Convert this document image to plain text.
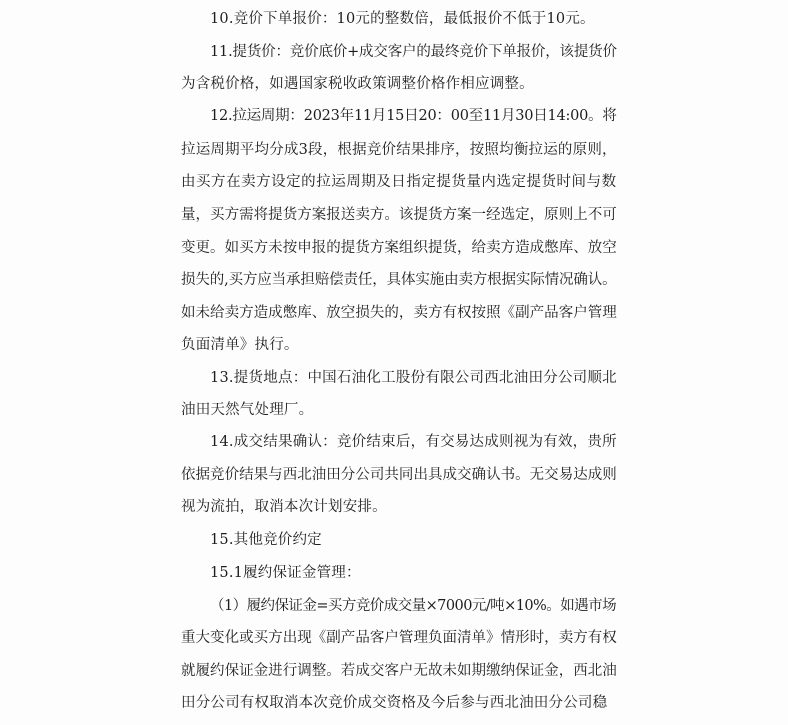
10.竞价下单报价：10元的整数倍，最低报价不低于10元。
11.提货价：竞价底价+成交客户的最终竞价下单报价，该提货价
为含税价格，如遇国家税收政策调整价格作相应调整。
12.拉运周期：2023年11月15日20：00至11月30日14:00。将
拉运周期平均分成3段，根据竞价结果排序，按照均衡拉运的原则，
由买方在卖方设定的拉运周期及日指定提货量内选定提货时间与数
量，买方需将提货方案报送卖方。该提货方案一经选定，原则上不可
变更。如买方未按申报的提货方案组织提货，给卖方造成憋库、放空
损失的,买方应当承担赔偿责任，具体实施由卖方根据实际情况确认。
如未给卖方造成憋库、放空损失的，卖方有权按照《副产品客户管理
负面清单》执行。
13.提货地点：中国石油化工股份有限公司西北油田分公司顺北
油田天然气处理厂。
14.成交结果确认：竞价结束后，有交易达成则视为有效，贵所
依据竞价结果与西北油田分公司共同出具成交确认书。无交易达成则
视为流拍，取消本次计划安排。
15.其他竞价约定
15.1履约保证金管理：
（1）履约保证金=买方竞价成交量×7000元/吨×10%。如遇市场
重大变化或买方出现《副产品客户管理负面清单》情形时，卖方有权
就履约保证金进行调整。若成交客户无故未如期缴纳保证金，西北油
田分公司有权取消本次竞价成交资格及今后参与西北油田分公司稳
